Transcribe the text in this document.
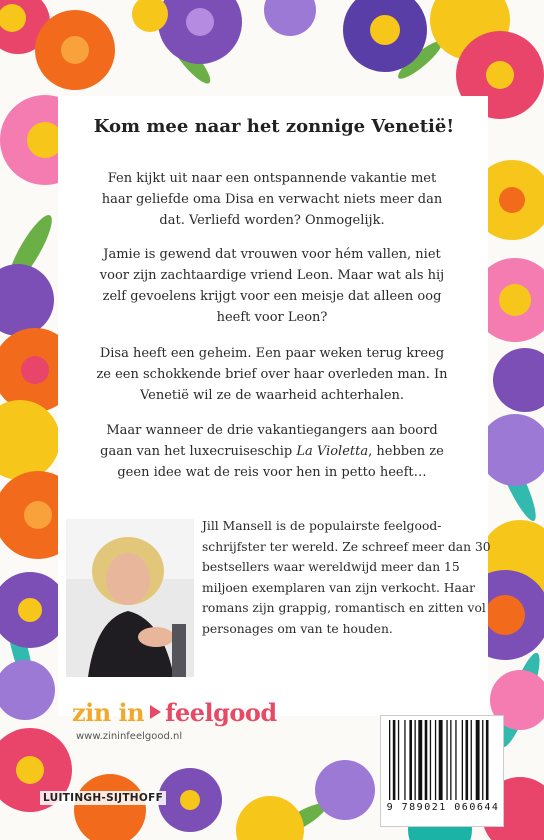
Kom mee naar het zonnige Venetië!

Fen kijkt uit naar een ontspannende vakantie met haar geliefde oma Disa en verwacht niets meer dan dat. Verliefd worden? Onmogelijk.

Jamie is gewend dat vrouwen voor hém vallen, niet voor zijn zachtaardige vriend Leon. Maar wat als hij zelf gevoelens krijgt voor een meisje dat alleen oog heeft voor Leon?

Disa heeft een geheim. Een paar weken terug kreeg ze een schokkende brief over haar overleden man. In Venetië wil ze de waarheid achterhalen.

Maar wanneer de drie vakantiegangers aan boord gaan van het luxecruiseschip La Violetta, hebben ze geen idee wat de reis voor hen in petto heeft…

Jill Mansell is de populairste feelgood-schrijfster ter wereld. Ze schreef meer dan 30 bestsellers waar wereldwijd meer dan 15 miljoen exemplaren van zijn verkocht. Haar romans zijn grappig, romantisch en zitten vol personages om van te houden.

zin in feelgood
www.zininfeelgood.nl
LUITINGH-SIJTHOFF
9 789021 060644
